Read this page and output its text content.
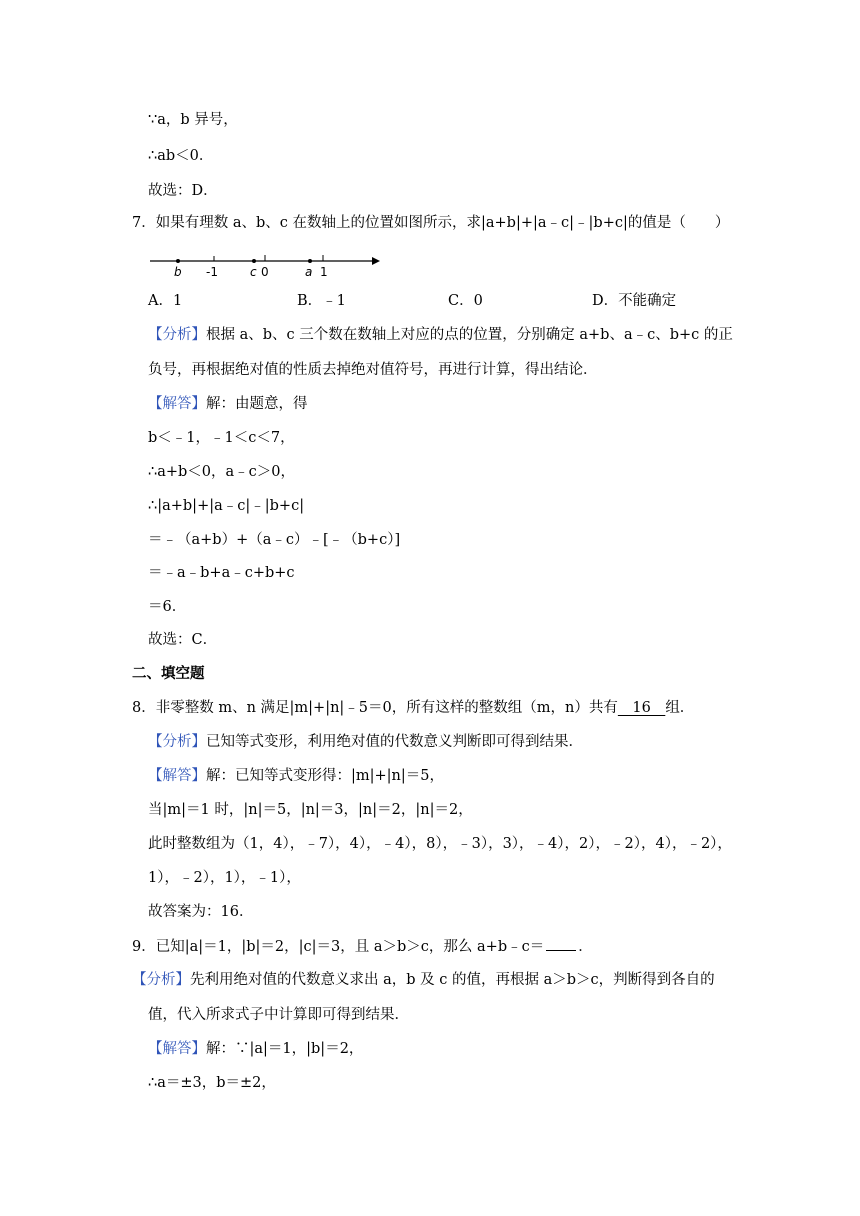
∵a，b 异号，
∴ab＜0．
故选：D．
7．如果有理数 a、b、c 在数轴上的位置如图所示，求|a+b|+|a﹣c|﹣|b+c|的值是（　　）
b -1	c 0	a 1
A．1	B．﹣1	C．0	D．不能确定
【分析】根据 a、b、c 三个数在数轴上对应的点的位置，分别确定 a+b、a﹣c、b+c 的正
负号，再根据绝对值的性质去掉绝对值符号，再进行计算，得出结论．
【解答】解：由题意，得
b＜﹣1，﹣1＜c＜7，
∴a+b＜0，a﹣c＞0，
∴|a+b|+|a﹣c|﹣|b+c|
＝﹣（a+b）+（a﹣c）﹣[﹣（b+c）]
＝﹣a﹣b+a﹣c+b+c
＝6．
故选：C．
二、填空题
8．非零整数 m、n 满足|m|+|n|﹣5＝0，所有这样的整数组（m，n）共有　16　组．
【分析】已知等式变形，利用绝对值的代数意义判断即可得到结果．
【解答】解：已知等式变形得：|m|+|n|＝5，
当|m|＝1 时，|n|＝5，|n|＝3，|n|＝2，|n|＝2，
此时整数组为（1，4），﹣7），4），﹣4），8），﹣3），3），﹣4），2），﹣2），4），﹣2），
1），﹣2），1），﹣1），
故答案为：16．
9．已知|a|＝1，|b|＝2，|c|＝3，且 a＞b＞c，那么 a+b﹣c＝ ．
【分析】先利用绝对值的代数意义求出 a，b 及 c 的值，再根据 a＞b＞c，判断得到各自的
值，代入所求式子中计算即可得到结果．
【解答】解：∵|a|＝1，|b|＝2，
∴a＝±3，b＝±2，
